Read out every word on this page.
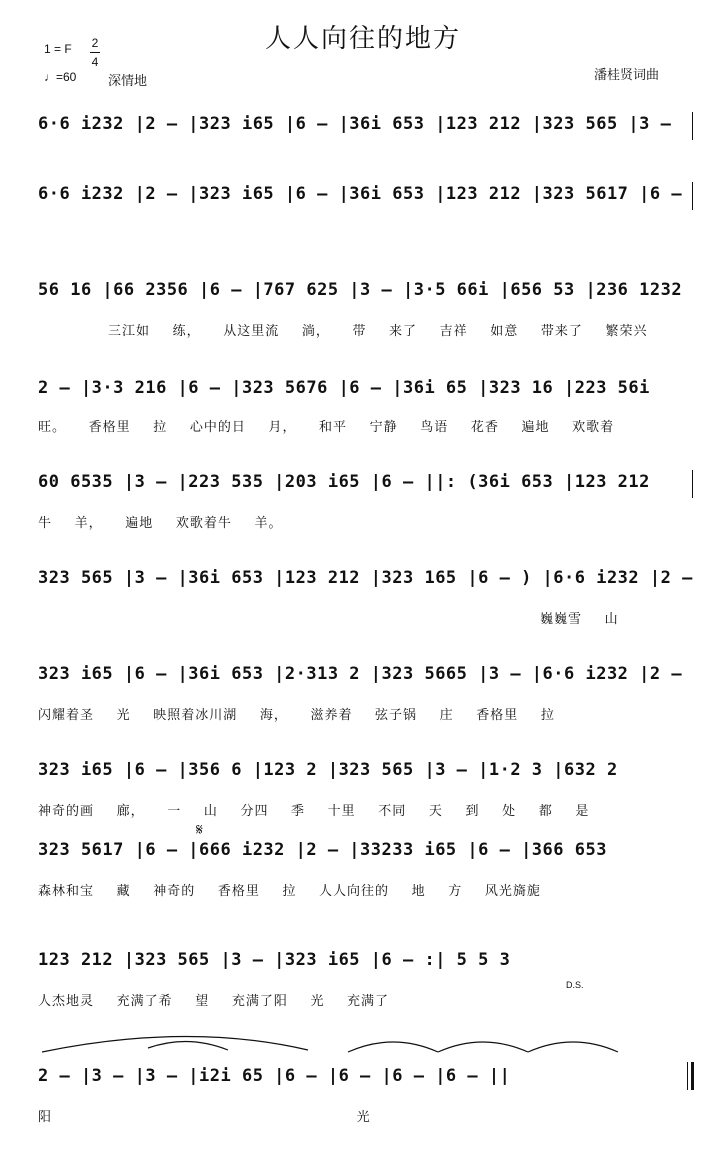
人人向往的地方
1 = F $\frac{2}{4}$
♩=60 深情地	潘桂贤词曲
6·6 i232 |2 – |323 i65 |6 – |36i 653 |123 212 |323 565 |3 –
6·6 i232 |2 – |323 i65 |6 – |36i 653 |123 212 |323 5617 |6 –
56 16 |66 2356 |6 – |767 625 |3 – |3·5 66i |656 53 |236 1232
三江如 练， 从这里流 淌， 带 来了 吉祥 如意 带来了 繁荣兴
2 – |3·3 216 |6 – |323 5676 |6 – |36i 65 |323 16 |223 56i
旺。 香格里 拉 心中的日 月， 和平 宁静 鸟语 花香 遍地 欢歌着
60 6535 |3 – |223 535 |203 i65 |6 – ||: (36i 653 |123 212
牛 羊， 遍地 欢歌着牛 羊。
323 565 |3 – |36i 653 |123 212 |323 165 |6 – ) |6·6 i232 |2 –
巍巍雪 山
323 i65 |6 – |36i 653 |2·313 2 |323 5665 |3 – |6·6 i232 |2 –
闪耀着圣 光 映照着冰川湖 海， 滋养着 弦子锅 庄 香格里 拉
323 i65 |6 – |356 6 |123 2 |323 565 |3 – |1·2 3 |632 2
神奇的画 廊， 一 山 分四 季 十里 不同 天 到 处 都 是
𝄋
323 5617 |6 – |666 i232 |2 – |33233 i65 |6 – |366 653
森林和宝 藏 神奇的 香格里 拉 人人向往的 地 方 风光旖旎
123 212 |323 565 |3 – |323 i65 |6 – :| 5 5 3
D.S.
人杰地灵 充满了希 望 充满了阳 光 充满了
2 – |3 – |3 – |i2i 65 |6 – |6 – |6 – |6 – ||
阳 光
